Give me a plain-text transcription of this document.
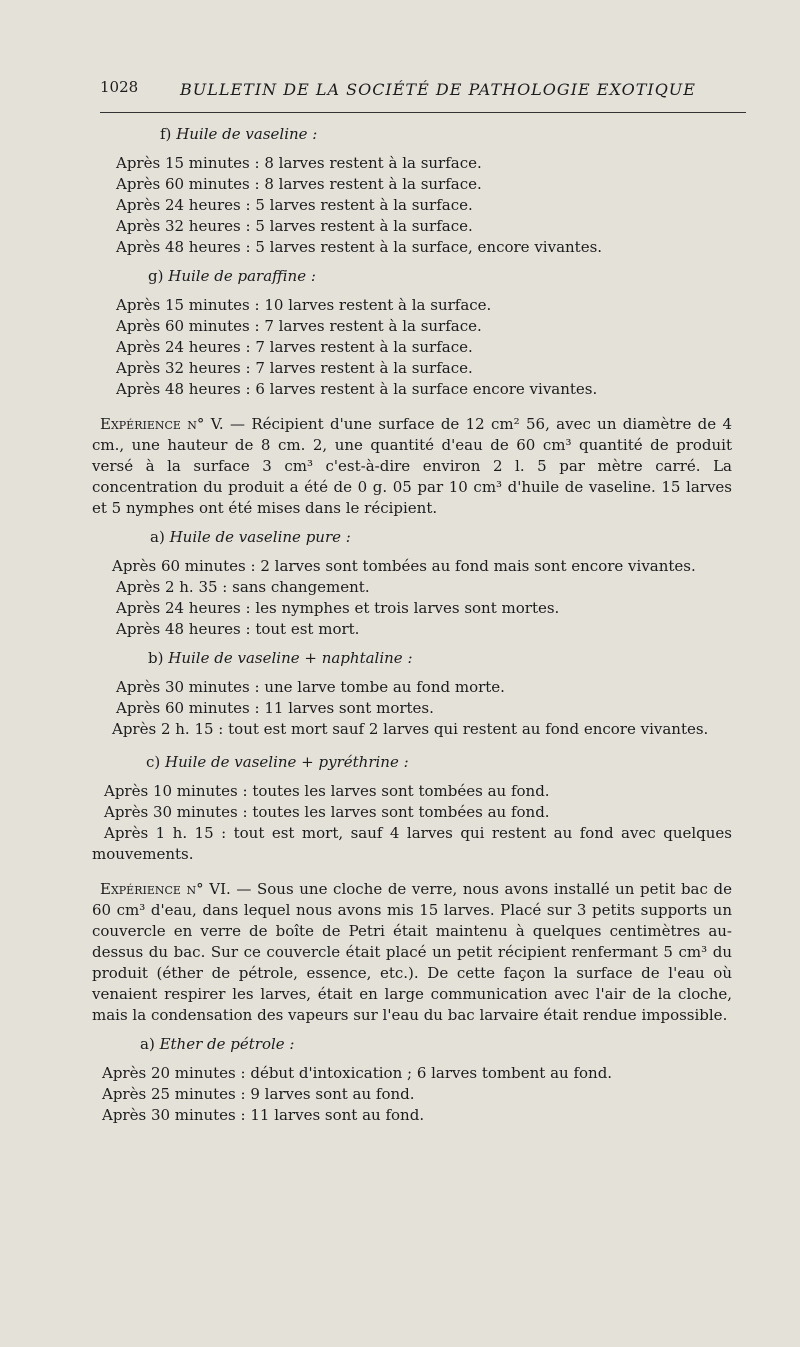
1028	BULLETIN DE LA SOCIÉTÉ DE PATHOLOGIE EXOTIQUE
f) Huile de vaseline :
Après 15 minutes : 8 larves restent à la surface.
Après 60 minutes : 8 larves restent à la surface.
Après 24 heures : 5 larves restent à la surface.
Après 32 heures : 5 larves restent à la surface.
Après 48 heures : 5 larves restent à la surface, encore vivantes.
g) Huile de paraffine :
Après 15 minutes : 10 larves restent à la surface.
Après 60 minutes : 7 larves restent à la surface.
Après 24 heures : 7 larves restent à la surface.
Après 32 heures : 7 larves restent à la surface.
Après 48 heures : 6 larves restent à la surface encore vivantes.
Expérience n° V. — Récipient d'une surface de 12 cm² 56, avec un diamètre de 4 cm., une hauteur de 8 cm. 2, une quantité d'eau de 60 cm³ quantité de produit versé à la surface 3 cm³ c'est-à-dire environ 2 l. 5 par mètre carré. La concentration du produit a été de 0 g. 05 par 10 cm³ d'huile de vaseline. 15 larves et 5 nymphes ont été mises dans le récipient.
a) Huile de vaseline pure :
Après 60 minutes : 2 larves sont tombées au fond mais sont encore vivantes.
Après 2 h. 35 : sans changement.
Après 24 heures : les nymphes et trois larves sont mortes.
Après 48 heures : tout est mort.
b) Huile de vaseline + naphtaline :
Après 30 minutes : une larve tombe au fond morte.
Après 60 minutes : 11 larves sont mortes.
Après 2 h. 15 : tout est mort sauf 2 larves qui restent au fond encore vivantes.
c) Huile de vaseline + pyréthrine :
Après 10 minutes : toutes les larves sont tombées au fond.
Après 30 minutes : toutes les larves sont tombées au fond.
Après 1 h. 15 : tout est mort, sauf 4 larves qui restent au fond avec quelques mouvements.
Expérience n° VI. — Sous une cloche de verre, nous avons installé un petit bac de 60 cm³ d'eau, dans lequel nous avons mis 15 larves. Placé sur 3 petits supports un couvercle en verre de boîte de Petri était maintenu à quelques centimètres au-dessus du bac. Sur ce couvercle était placé un petit récipient renfermant 5 cm³ du produit (éther de pétrole, essence, etc.). De cette façon la surface de l'eau où venaient respirer les larves, était en large communication avec l'air de la cloche, mais la condensation des vapeurs sur l'eau du bac larvaire était rendue impossible.
a) Ether de pétrole :
Après 20 minutes : début d'intoxication ; 6 larves tombent au fond.
Après 25 minutes : 9 larves sont au fond.
Après 30 minutes : 11 larves sont au fond.
